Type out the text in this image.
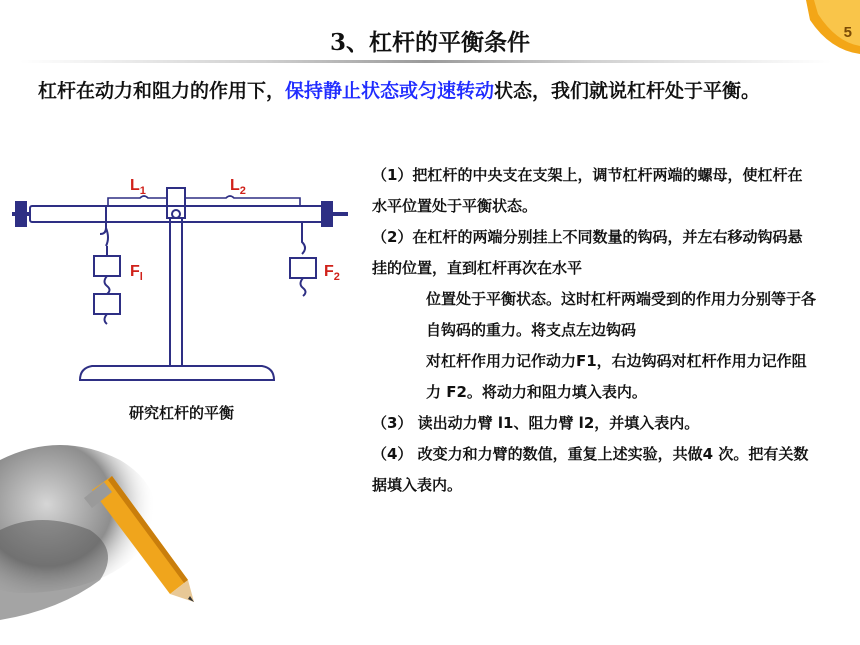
5
3、杠杆的平衡条件
杠杆在动力和阻力的作用下，保持静止状态或匀速转动状态，我们就说杠杆处于平衡。
$L_1$	$L_2$
$F_l$	$F_2$
研究杠杆的平衡

（1）把杠杆的中央支在支架上，调节杠杆两端的螺母，使杠杆在水平位置处于平衡状态。

（2）在杠杆的两端分别挂上不同数量的钩码，并左右移动钩码悬挂的位置，直到杠杆再次在水平

位置处于平衡状态。这时杠杆两端受到的作用力分别等于各自钩码的重力。将支点左边钩码

对杠杆作用力记作动力F1，右边钩码对杠杆作用力记作阻力 F2。将动力和阻力填入表内。

（3） 读出动力臂 l1、阻力臂 l2，并填入表内。

（4） 改变力和力臂的数值，重复上述实验，共做4 次。把有关数据填入表内。
